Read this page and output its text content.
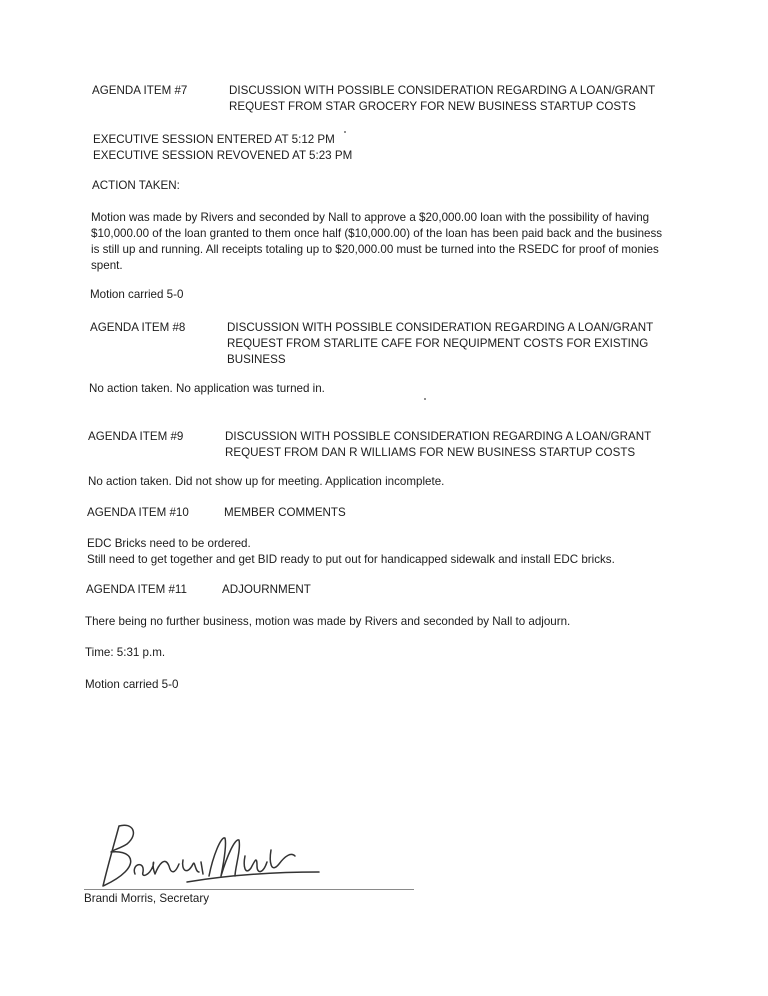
AGENDA ITEM #7	DISCUSSION WITH POSSIBLE CONSIDERATION REGARDING A LOAN/GRANT REQUEST FROM STAR GROCERY FOR NEW BUSINESS STARTUP COSTS
EXECUTIVE SESSION ENTERED AT 5:12 PM
EXECUTIVE SESSION REVOVENED AT 5:23 PM
ACTION TAKEN:
Motion was made by Rivers and seconded by Nall to approve a $20,000.00 loan with the possibility of having $10,000.00 of the loan granted to them once half ($10,000.00) of the loan has been paid back and the business is still up and running. All receipts totaling up to $20,000.00 must be turned into the RSEDC for proof of monies spent.
Motion carried 5-0
AGENDA ITEM #8	DISCUSSION WITH POSSIBLE CONSIDERATION REGARDING A LOAN/GRANT REQUEST FROM STARLITE CAFE FOR NEQUIPMENT COSTS FOR EXISTING BUSINESS
No action taken. No application was turned in.
AGENDA ITEM #9	DISCUSSION WITH POSSIBLE CONSIDERATION REGARDING A LOAN/GRANT REQUEST FROM DAN R WILLIAMS FOR NEW BUSINESS STARTUP COSTS
No action taken. Did not show up for meeting. Application incomplete.
AGENDA ITEM #10	MEMBER COMMENTS
EDC Bricks need to be ordered.
Still need to get together and get BID ready to put out for handicapped sidewalk and install EDC bricks.
AGENDA ITEM #11	ADJOURNMENT
There being no further business, motion was made by Rivers and seconded by Nall to adjourn.
Time: 5:31 p.m.
Motion carried 5-0
Brandi Morris, Secretary
